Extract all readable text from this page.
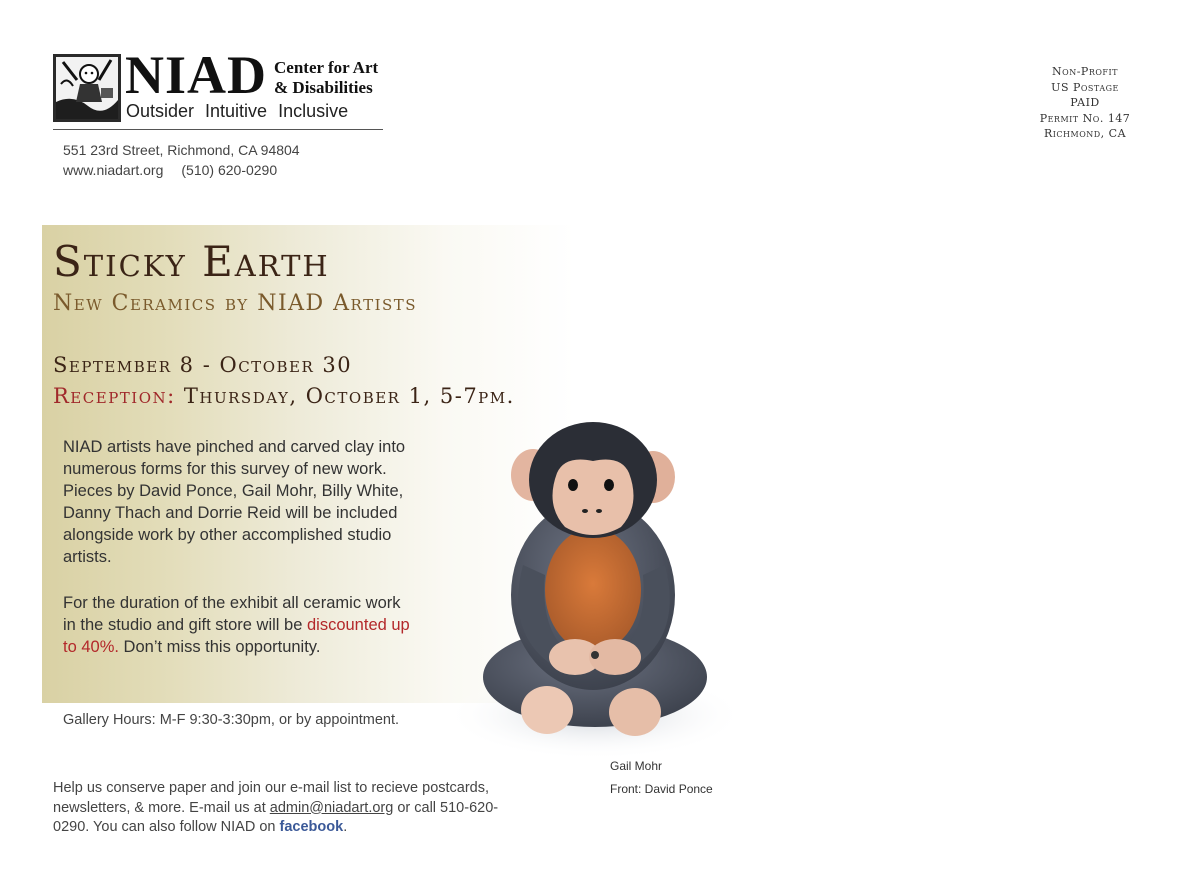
NIAD Center for Art
& Disabilities
Outsider Intuitive Inclusive
551 23rd Street, Richmond, CA 94804
www.niadart.org (510) 620-0290
Non-Profit
US Postage
PAID
Permit No. 147
Richmond, CA
Sticky Earth
New Ceramics by NIAD Artists
September 8 - October 30
Reception: Thursday, October 1, 5-7pm.
NIAD artists have pinched and carved clay into numerous forms for this survey of new work. Pieces by David Ponce, Gail Mohr, Billy White, Danny Thach and Dorrie Reid will be included alongside work by other accomplished studio artists.
For the duration of the exhibit all ceramic work in the studio and gift store will be discounted up to 40%. Don’t miss this opportunity.
Gallery Hours: M-F 9:30-3:30pm, or by appointment.
Help us conserve paper and join our e-mail list to recieve postcards, newsletters, & more. E-mail us at admin@niadart.org or call 510-620-0290. You can also follow NIAD on facebook.
Gail Mohr
Front: David Ponce
